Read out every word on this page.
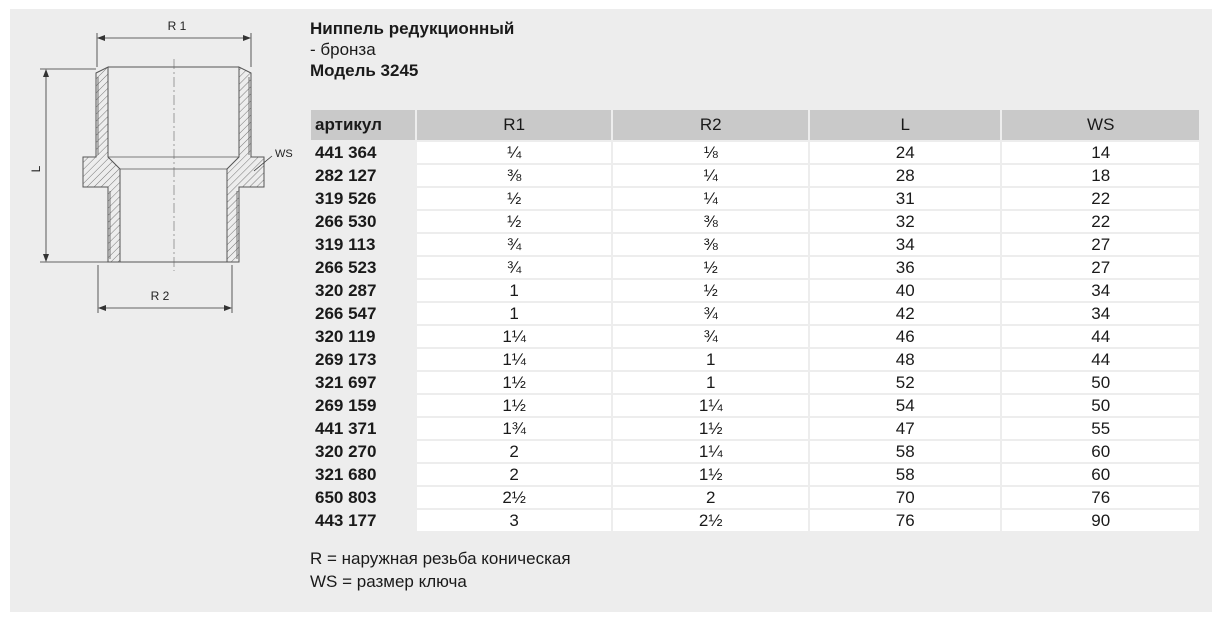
R 1
L
WS
R 2
Ниппель редукционный
- бронза
Модель 3245
артикул	R1	R2	L	WS
441 364	¼	⅛	24	14
282 127	⅜	¼	28	18
319 526	½	¼	31	22
266 530	½	⅜	32	22
319 113	¾	⅜	34	27
266 523	¾	½	36	27
320 287	1	½	40	34
266 547	1	¾	42	34
320 119	1¼	¾	46	44
269 173	1¼	1	48	44
321 697	1½	1	52	50
269 159	1½	1¼	54	50
441 371	1¾	1½	47	55
320 270	2	1¼	58	60
321 680	2	1½	58	60
650 803	2½	2	70	76
443 177	3	2½	76	90
R = наружная резьба коническая
WS = размер ключа
